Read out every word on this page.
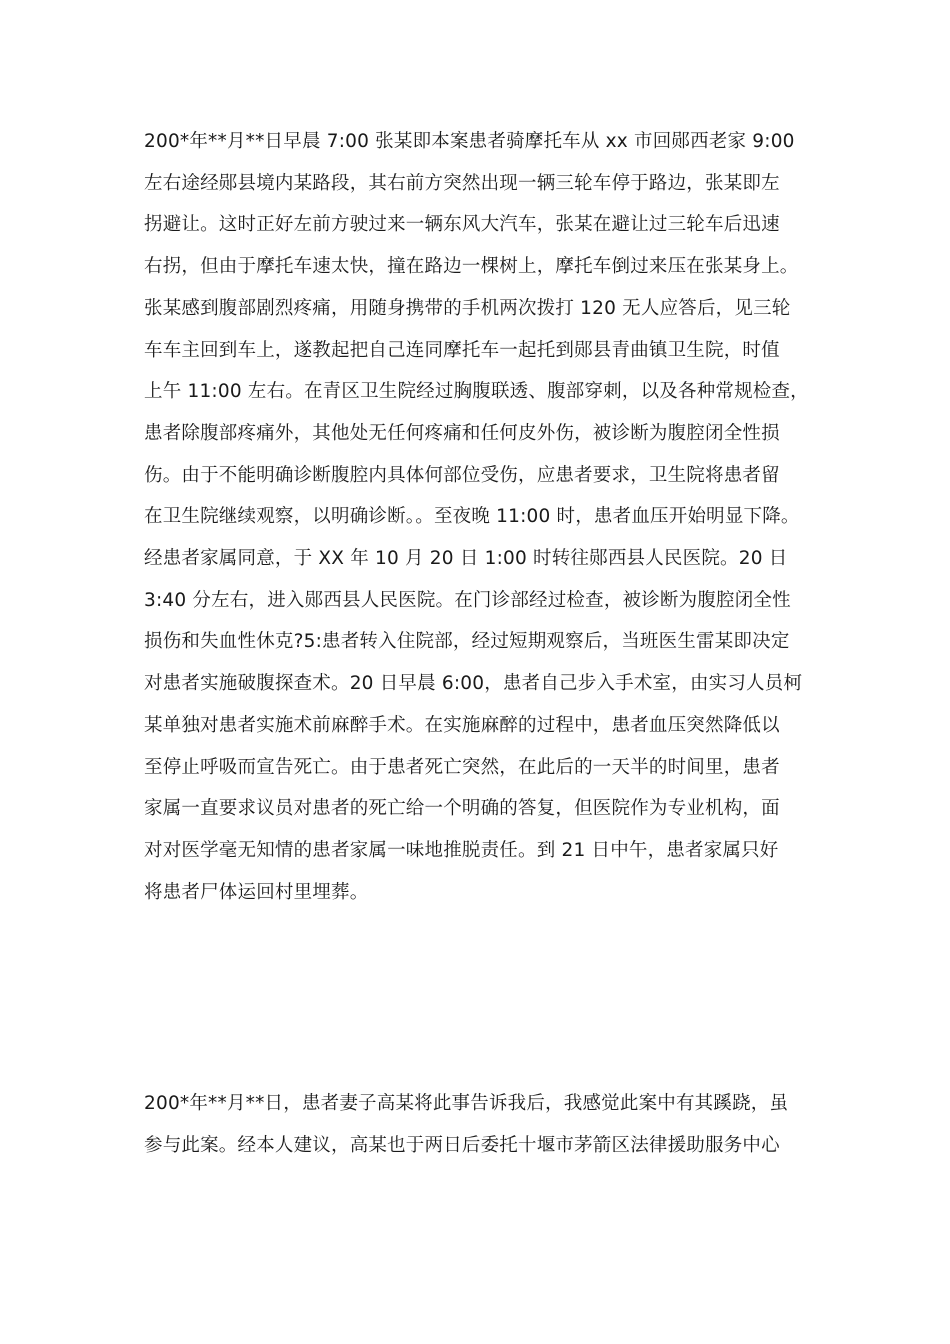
200*年**月**日早晨 7:00 张某即本案患者骑摩托车从 xx 市回郧西老家 9:00
左右途经郧县境内某路段，其右前方突然出现一辆三轮车停于路边，张某即左
拐避让。这时正好左前方驶过来一辆东风大汽车，张某在避让过三轮车后迅速
右拐，但由于摩托车速太快，撞在路边一棵树上，摩托车倒过来压在张某身上。
张某感到腹部剧烈疼痛，用随身携带的手机两次拨打 120 无人应答后，见三轮
车车主回到车上，遂教起把自己连同摩托车一起托到郧县青曲镇卫生院，时值
上午 11:00 左右。在青区卫生院经过胸腹联透、腹部穿刺，以及各种常规检查，
患者除腹部疼痛外，其他处无任何疼痛和任何皮外伤，被诊断为腹腔闭全性损
伤。由于不能明确诊断腹腔内具体何部位受伤，应患者要求，卫生院将患者留
在卫生院继续观察，以明确诊断。。至夜晚 11:00 时，患者血压开始明显下降。
经患者家属同意，于 XX 年 10 月 20 日 1:00 时转往郧西县人民医院。20 日
3:40 分左右，进入郧西县人民医院。在门诊部经过检查，被诊断为腹腔闭全性
损伤和失血性休克?5:患者转入住院部，经过短期观察后，当班医生雷某即决定
对患者实施破腹探查术。20 日早晨 6:00，患者自己步入手术室，由实习人员柯
某单独对患者实施术前麻醉手术。在实施麻醉的过程中，患者血压突然降低以
至停止呼吸而宣告死亡。由于患者死亡突然，在此后的一天半的时间里，患者
家属一直要求议员对患者的死亡给一个明确的答复，但医院作为专业机构，面
对对医学毫无知情的患者家属一味地推脱责任。到 21 日中午，患者家属只好
将患者尸体运回村里埋葬。
200*年**月**日，患者妻子高某将此事告诉我后，我感觉此案中有其蹊跷，虽
参与此案。经本人建议，高某也于两日后委托十堰市茅箭区法律援助服务中心
